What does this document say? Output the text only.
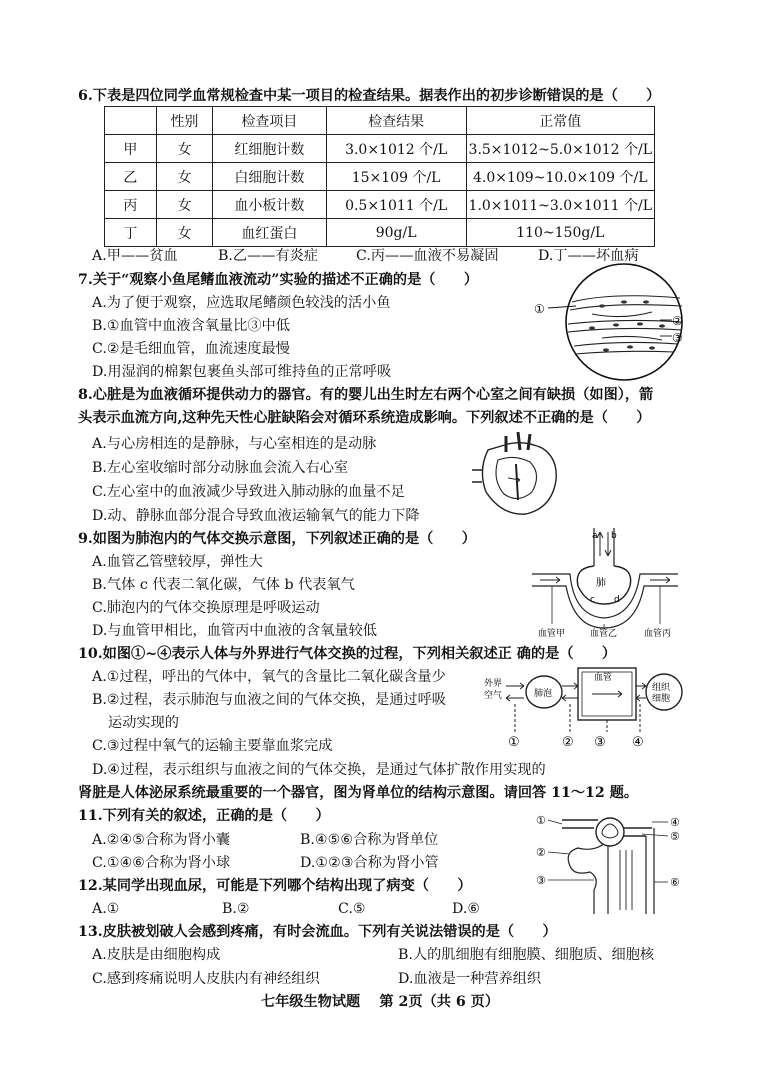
6.下表是四位同学血常规检查中某一项目的检查结果。据表作出的初步诊断错误的是（　　）
	性别	检查项目	检查结果	正常值
甲	女	红细胞计数	3.0×1012 个/L	3.5×1012~5.0×1012 个/L
乙	女	白细胞计数	15×109 个/L	4.0×109~10.0×109 个/L
丙	女	血小板计数	0.5×1011 个/L	1.0×1011~3.0×1011 个/L
丁	女	血红蛋白	90g/L	110~150g/L
A.甲——贫血	B.乙——有炎症	C.丙——血液不易凝固	D.丁——坏血病
7.关于“观察小鱼尾鳍血液流动”实验的描述不正确的是（　　）
A.为了便于观察，应选取尾鳍颜色较浅的活小鱼
B.①血管中血液含氧量比③中低
C.②是毛细血管，血流速度最慢
D.用湿润的棉絮包裹鱼头部可维持鱼的正常呼吸
①
②
③
8.心脏是为血液循环提供动力的器官。有的婴儿出生时左右两个心室之间有缺损（如图），箭
头表示血流方向,这种先天性心脏缺陷会对循环系统造成影响。下列叙述不正确的是（　　）
A.与心房相连的是静脉，与心室相连的是动脉
B.左心室收缩时部分动脉血会流入右心室
C.左心室中的血液减少导致进入肺动脉的血量不足
D.动、静脉血部分混合导致血液运输氧气的能力下降
9.如图为肺泡内的气体交换示意图，下列叙述正确的是（　　）
A.血管乙管壁较厚，弹性大
B.气体 c 代表二氧化碳，气体 b 代表氧气
C.肺泡内的气体交换原理是呼吸运动
D.与血管甲相比，血管丙中血液的含氧量较低
a b
肺
c d
血管甲	血管乙	血管丙
10.如图①~④表示人体与外界进行气体交换的过程，下列相关叙述正 确的是（　　）
A.①过程，呼出的气体中，氧气的含量比二氧化碳含量少
B.②过程，表示肺泡与血液之间的气体交换，是通过呼吸
运动实现的
C.③过程中氧气的运输主要靠血浆完成
D.④过程，表示组织与血液之间的气体交换，是通过气体扩散作用实现的
外界
空气	肺泡
血管
组织
细胞
①	② ③ ④
肾脏是人体泌尿系统最重要的一个器官，图为肾单位的结构示意图。请回答 11～12 题。
11.下列有关的叙述，正确的是（　　）
A.②④⑤合称为肾小囊	B.④⑤⑥合称为肾单位
C.①④⑥合称为肾小球	D.①②③合称为肾小管
①
②
③
④
⑤
⑥
12.某同学出现血尿，可能是下列哪个结构出现了病变（　　）
A.①	B.②	C.⑤	D.⑥
13.皮肤被划破人会感到疼痛，有时会流血。下列有关说法错误的是（　　）
A.皮肤是由细胞构成	B.人的肌细胞有细胞膜、细胞质、细胞核
C.感到疼痛说明人皮肤内有神经组织	D.血液是一种营养组织
七年级生物试题　 第 2页（共 6 页）
